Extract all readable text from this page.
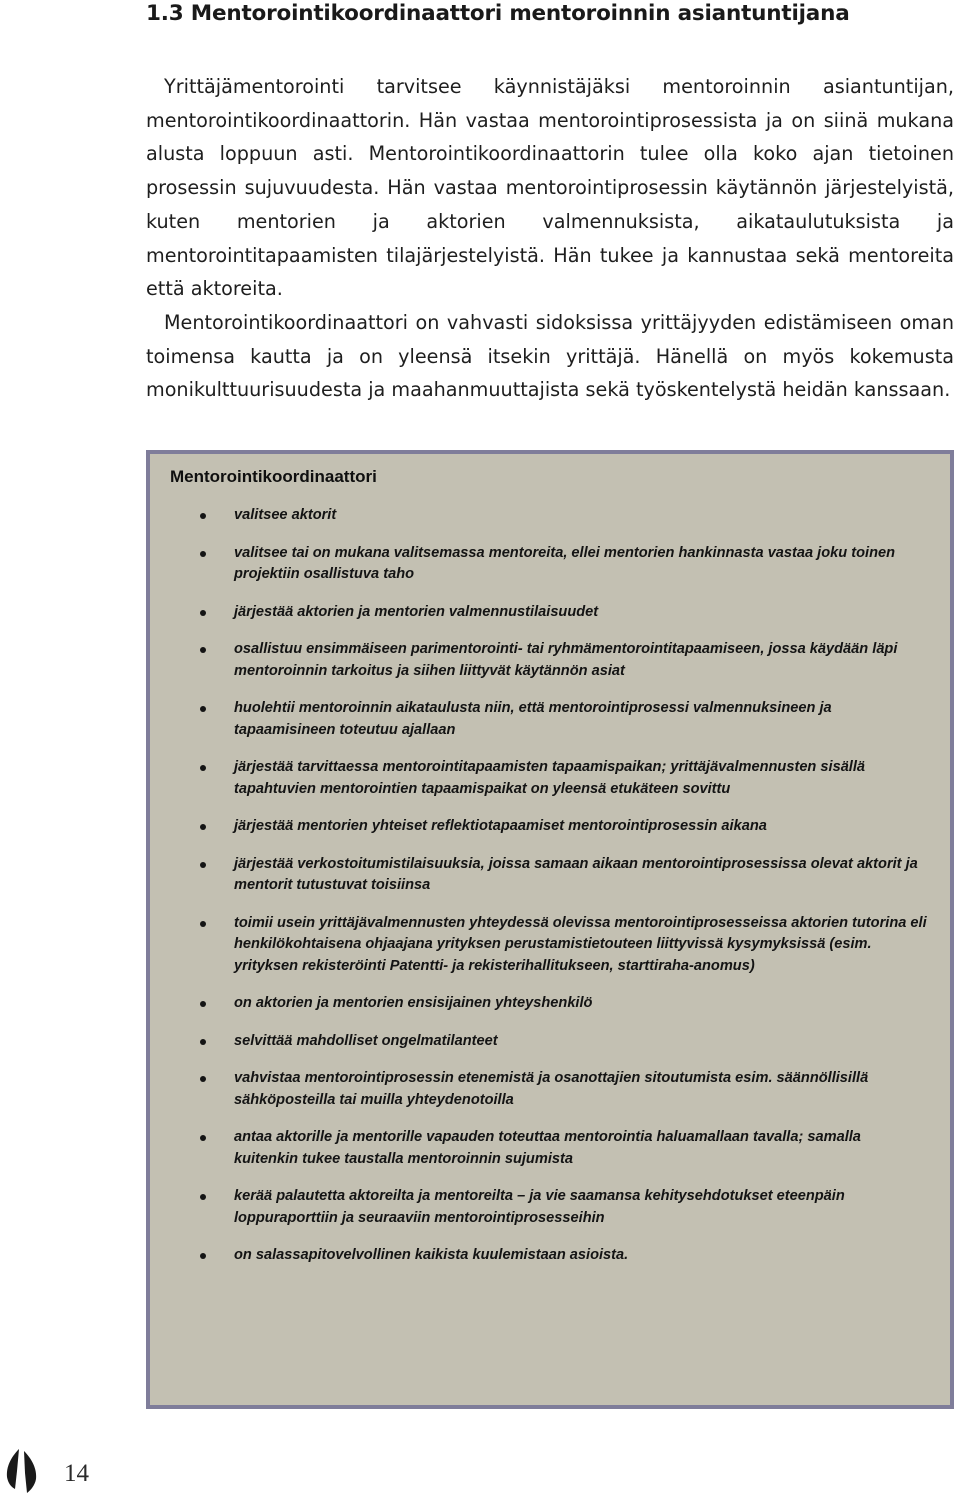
1.3 Mentorointikoordinaattori mentoroinnin asiantuntijana

Yrittäjämentorointi tarvitsee käynnistäjäksi mentoroinnin asiantuntijan, mentorointikoordinaattorin. Hän vastaa mentorointiprosessista ja on siinä mukana alusta loppuun asti. Mentorointikoordinaattorin tulee olla koko ajan tietoinen prosessin sujuvuudesta. Hän vastaa mentorointiprosessin käytännön järjestelyistä, kuten mentorien ja aktorien valmennuksista, aikataulutuksista ja mentorointitapaamisten tilajärjestelyistä. Hän tukee ja kannustaa sekä mentoreita että aktoreita.

Mentorointikoordinaattori on vahvasti sidoksissa yrittäjyyden edistämiseen oman toimensa kautta ja on yleensä itsekin yrittäjä. Hänellä on myös kokemusta monikulttuurisuudesta ja maahanmuuttajista sekä työskentelystä heidän kanssaan.

Mentorointikoordinaattori
valitsee aktorit
valitsee tai on mukana valitsemassa mentoreita, ellei mentorien hankinnasta vastaa joku toinen projektiin osallistuva taho
järjestää aktorien ja mentorien valmennustilaisuudet
osallistuu ensimmäiseen parimentorointi- tai ryhmämentorointitapaamiseen, jossa käydään läpi mentoroinnin tarkoitus ja siihen liittyvät käytännön asiat
huolehtii mentoroinnin aikataulusta niin, että mentorointiprosessi valmennuksineen ja tapaamisineen toteutuu ajallaan
järjestää tarvittaessa mentorointitapaamisten tapaamispaikan; yrittäjävalmennusten sisällä tapahtuvien mentorointien tapaamispaikat on yleensä etukäteen sovittu
järjestää mentorien yhteiset reflektiotapaamiset mentorointiprosessin aikana
järjestää verkostoitumistilaisuuksia, joissa samaan aikaan mentorointiprosessissa olevat aktorit ja mentorit tutustuvat toisiinsa
toimii usein yrittäjävalmennusten yhteydessä olevissa mentorointiprosesseissa aktorien tutorina eli henkilökohtaisena ohjaajana yrityksen perustamistietouteen liittyvissä kysymyksissä (esim. yrityksen rekisteröinti Patentti- ja rekisterihallitukseen, starttiraha-anomus)
on aktorien ja mentorien ensisijainen yhteyshenkilö
selvittää mahdolliset ongelmatilanteet
vahvistaa mentorointiprosessin etenemistä ja osanottajien sitoutumista esim. säännöllisillä sähköposteilla tai muilla yhteydenotoilla
antaa aktorille ja mentorille vapauden toteuttaa mentorointia haluamallaan tavalla; samalla kuitenkin tukee taustalla mentoroinnin sujumista
kerää palautetta aktoreilta ja mentoreilta – ja vie saamansa kehitysehdotukset eteenpäin loppuraporttiin ja seuraaviin mentorointiprosesseihin
on salassapitovelvollinen kaikista kuulemistaan asioista.
14
